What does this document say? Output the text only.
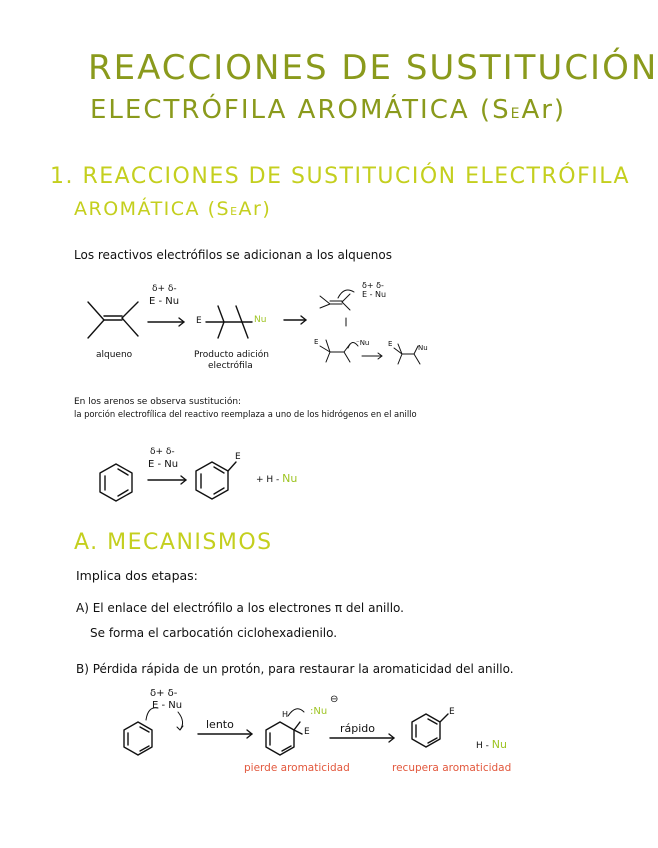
REACCIONES DE SUSTITUCIÓN
ELECTRÓFILA AROMÁTICA (SEAr)
1. REACCIONES DE SUSTITUCIÓN ELECTRÓFILA
AROMÁTICA (SEAr)
Los reactivos electrófilos se adicionan a los alquenos
δ+ δ-
E - Nu
E	Nu
alqueno	Producto adición
electrófila
δ+ δ-
E - Nu
E	⁻Nu	E	Nu
En los arenos se observa sustitución:
la porción electrofílica del reactivo reemplaza a uno de los hidrógenos en el anillo
δ+ δ-
E - Nu
E
+ H - Nu
A. MECANISMOS
Implica dos etapas:
A) El enlace del electrófilo a los electrones π del anillo.
Se forma el carbocatión ciclohexadienilo.
B) Pérdida rápida de un protón, para restaurar la aromaticidad del anillo.
δ+ δ-
E - Nu
lento
H
E
:Nu
⊖
rápido
E
H - Nu
pierde aromaticidad	recupera aromaticidad
